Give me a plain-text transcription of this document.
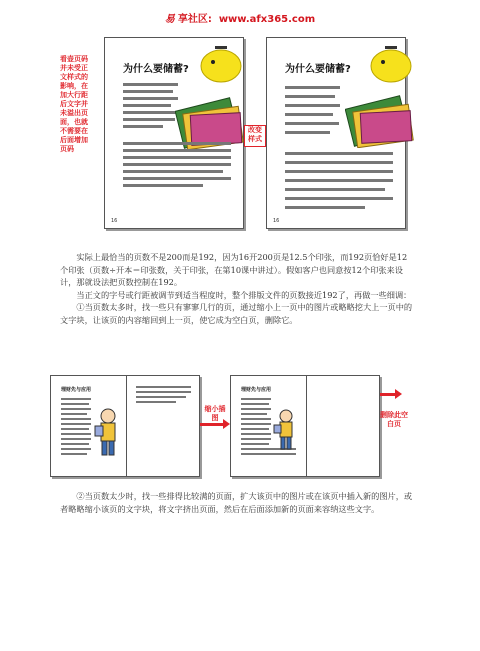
易 享社区: www.afx365.com
看壶页码并未受正文样式的影响，在加大行距后文字并未溢出页面，也就不需要在后面增加页码
为什么要储蓄?
16
改变样式
为什么要储蓄?
16

实际上最恰当的页数不是200而是192，因为16开200页是12.5个印张，而192页恰好是12个印张（页数÷开本＝印张数，关于印张，在第10课中讲过）。假如客户也同意按12个印张来设计，那就设法把页数控制在192。

当正文的字号或行距被调节到适当程度时，整个排版文件的页数接近192了，再做一些细调：

①当页数太多时，找一些只有寥寥几行的页，通过缩小上一页中的图片或略略挖大上一页中的文字块，让该页的内容缩回到上一页，使它成为空白页，删除它。

理财先与应用
缩小插图
理财先与应用
删除此空白页

②当页数太少时，找一些排得比较满的页面，扩大该页中的图片或在该页中插入新的图片，或者略略缩小该页的文字块，将文字挤出页面，然后在后面添加新的页面来容纳这些文字。
